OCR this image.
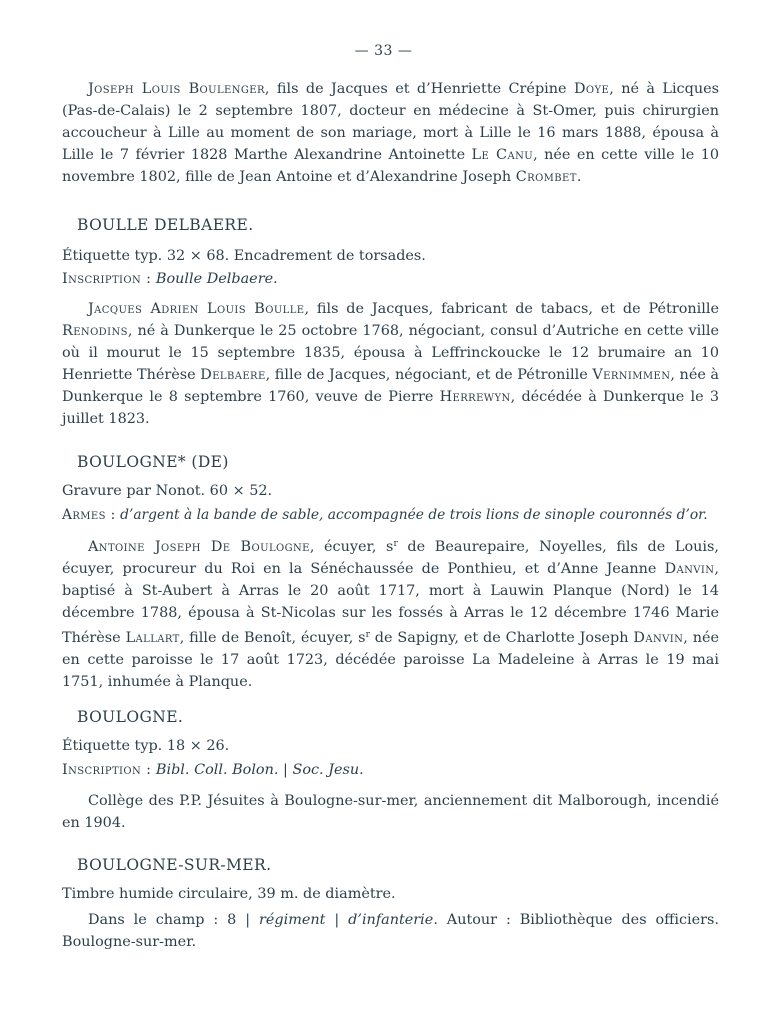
— 33 —

Joseph Louis Boulenger, fils de Jacques et d’Henriette Crépine Doye, né à Licques (Pas-de-Calais) le 2 septembre 1807, docteur en médecine à St-Omer, puis chirurgien accoucheur à Lille au moment de son mariage, mort à Lille le 16 mars 1888, épousa à Lille le 7 février 1828 Marthe Alexandrine Antoinette Le Canu, née en cette ville le 10 novembre 1802, fille de Jean Antoine et d’Alexandrine Joseph Crombet.

BOULLE DELBAERE.

Étiquette typ. 32 × 68. Encadrement de torsades.

Inscription : Boulle Delbaere.

Jacques Adrien Louis Boulle, fils de Jacques, fabricant de tabacs, et de Pétronille Renodins, né à Dunkerque le 25 octobre 1768, négociant, consul d’Autriche en cette ville où il mourut le 15 septembre 1835, épousa à Leffrinckoucke le 12 brumaire an 10 Henriette Thérèse Delbaere, fille de Jacques, négociant, et de Pétronille Vernimmen, née à Dunkerque le 8 septembre 1760, veuve de Pierre Herrewyn, décédée à Dunkerque le 3 juillet 1823.

BOULOGNE* (DE)

Gravure par Nonot. 60 × 52.

Armes : d’argent à la bande de sable, accompagnée de trois lions de sinople couronnés d’or.

Antoine Joseph De Boulogne, écuyer, $s^r$ de Beaurepaire, Noyelles, fils de Louis, écuyer, procureur du Roi en la Sénéchaussée de Ponthieu, et d’Anne Jeanne Danvin, baptisé à St-Aubert à Arras le 20 août 1717, mort à Lauwin Planque (Nord) le 14 décembre 1788, épousa à St-Nicolas sur les fossés à Arras le 12 décembre 1746 Marie Thérèse Lallart, fille de Benoît, écuyer, $s^r$ de Sapigny, et de Charlotte Joseph Danvin, née en cette paroisse le 17 août 1723, décédée paroisse La Madeleine à Arras le 19 mai 1751, inhumée à Planque.

BOULOGNE.

Étiquette typ. 18 × 26.

Inscription : Bibl. Coll. Bolon. | Soc. Jesu.

Collège des P.P. Jésuites à Boulogne-sur-mer, anciennement dit Malborough, incendié en 1904.

BOULOGNE-SUR-MER.

Timbre humide circulaire, 39 m. de diamètre.

Dans le champ : 8 | régiment | d’infanterie. Autour : Bibliothèque des officiers. Boulogne-sur-mer.
